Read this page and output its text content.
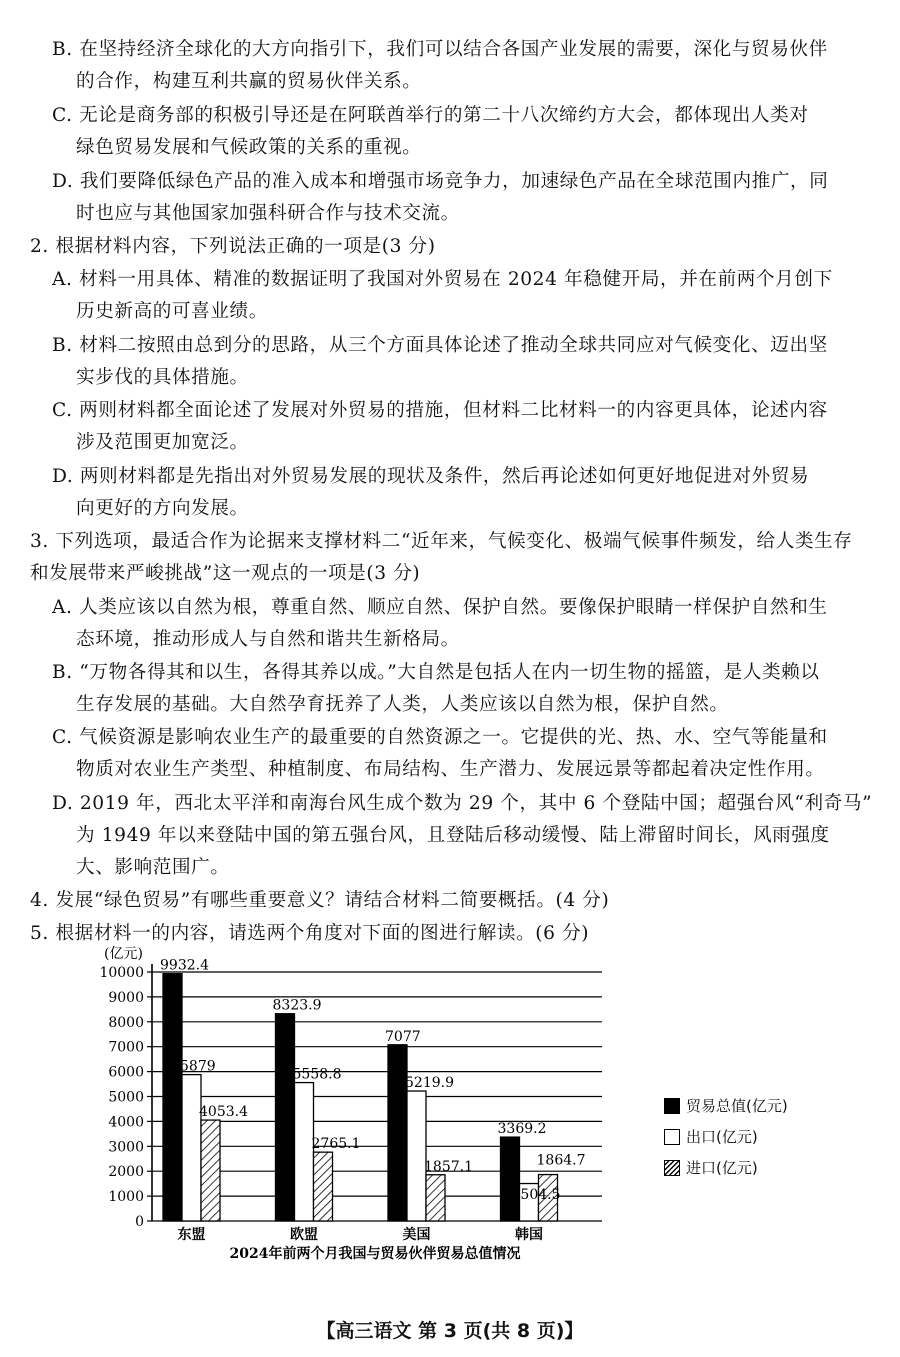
B. 在坚持经济全球化的大方向指引下，我们可以结合各国产业发展的需要，深化与贸易伙伴
的合作，构建互利共赢的贸易伙伴关系。
C. 无论是商务部的积极引导还是在阿联酋举行的第二十八次缔约方大会，都体现出人类对
绿色贸易发展和气候政策的关系的重视。
D. 我们要降低绿色产品的准入成本和增强市场竞争力，加速绿色产品在全球范围内推广，同
时也应与其他国家加强科研合作与技术交流。
2. 根据材料内容，下列说法正确的一项是(3 分)
A. 材料一用具体、精准的数据证明了我国对外贸易在 2024 年稳健开局，并在前两个月创下
历史新高的可喜业绩。
B. 材料二按照由总到分的思路，从三个方面具体论述了推动全球共同应对气候变化、迈出坚
实步伐的具体措施。
C. 两则材料都全面论述了发展对外贸易的措施，但材料二比材料一的内容更具体，论述内容
涉及范围更加宽泛。
D. 两则材料都是先指出对外贸易发展的现状及条件，然后再论述如何更好地促进对外贸易
向更好的方向发展。
3. 下列选项，最适合作为论据来支撑材料二“近年来，气候变化、极端气候事件频发，给人类生存
和发展带来严峻挑战”这一观点的一项是(3 分)
A. 人类应该以自然为根，尊重自然、顺应自然、保护自然。要像保护眼睛一样保护自然和生
态环境，推动形成人与自然和谐共生新格局。
B. “万物各得其和以生，各得其养以成。”大自然是包括人在内一切生物的摇篮，是人类赖以
生存发展的基础。大自然孕育抚养了人类，人类应该以自然为根，保护自然。
C. 气候资源是影响农业生产的最重要的自然资源之一。它提供的光、热、水、空气等能量和
物质对农业生产类型、种植制度、布局结构、生产潜力、发展远景等都起着决定性作用。
D. 2019 年，西北太平洋和南海台风生成个数为 29 个，其中 6 个登陆中国；超强台风“利奇马”
为 1949 年以来登陆中国的第五强台风，且登陆后移动缓慢、陆上滞留时间长，风雨强度
大、影响范围广。
4. 发展“绿色贸易”有哪些重要意义？请结合材料二简要概括。(4 分)
5. 根据材料一的内容，请选两个角度对下面的图进行解读。(6 分)
0
1000
2000
3000
4000
5000
6000
7000
8000
9000
10000 9932.4
5879
4053.4
东盟
8323.9
5558.8
2765.1
欧盟
7077
5219.9
1857.1
美国
3369.2
1504.5
1864.7
韩国
(亿元)
2024年前两个月我国与贸易伙伴贸易总值情况
贸易总值(亿元)
出口(亿元)
进口(亿元)
【高三语文 第 3 页(共 8 页)】
